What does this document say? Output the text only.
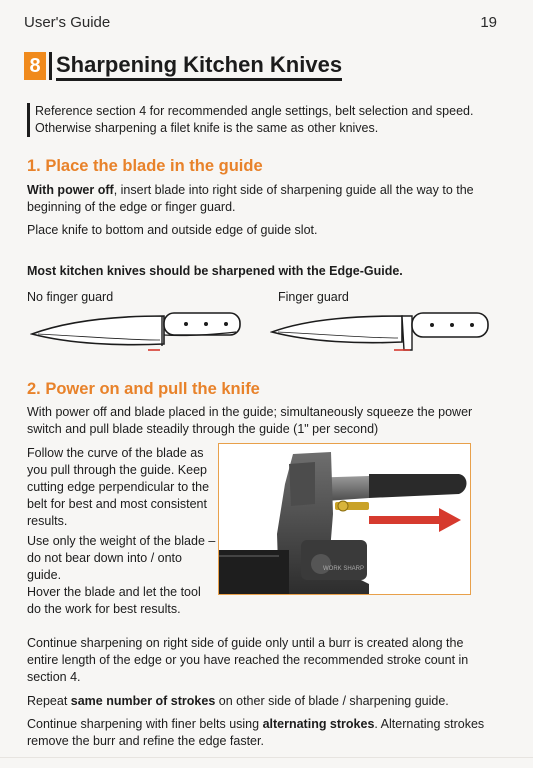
User's Guide	19
8 Sharpening Kitchen Knives
Reference section 4 for recommended angle settings, belt selection and speed.
Otherwise sharpening a filet knife is the same as other knives.
1. Place the blade in the guide
With power off, insert blade into right side of sharpening guide all the way to the
beginning of the edge or finger guard.
Place knife to bottom and outside edge of guide slot.
Most kitchen knives should be sharpened with the Edge-Guide.
No finger guard	Finger guard
2. Power on and pull the knife
With power off and blade placed in the guide; simultaneously squeeze the power
switch and pull blade steadily through the guide (1" per second)
Follow the curve of the blade as
you pull through the guide. Keep
cutting edge perpendicular to the
belt for best and most consistent
results.
Use only the weight of the blade –
do not bear down into / onto guide.
Hover the blade and let the tool
do the work for best results.
WORK SHARP
Continue sharpening on right side of guide only until a burr is created along the
entire length of the edge or you have reached the recommended stroke count in
section 4.
Repeat same number of strokes on other side of blade / sharpening guide.
Continue sharpening with finer belts using alternating strokes. Alternating strokes
remove the burr and refine the edge faster.
